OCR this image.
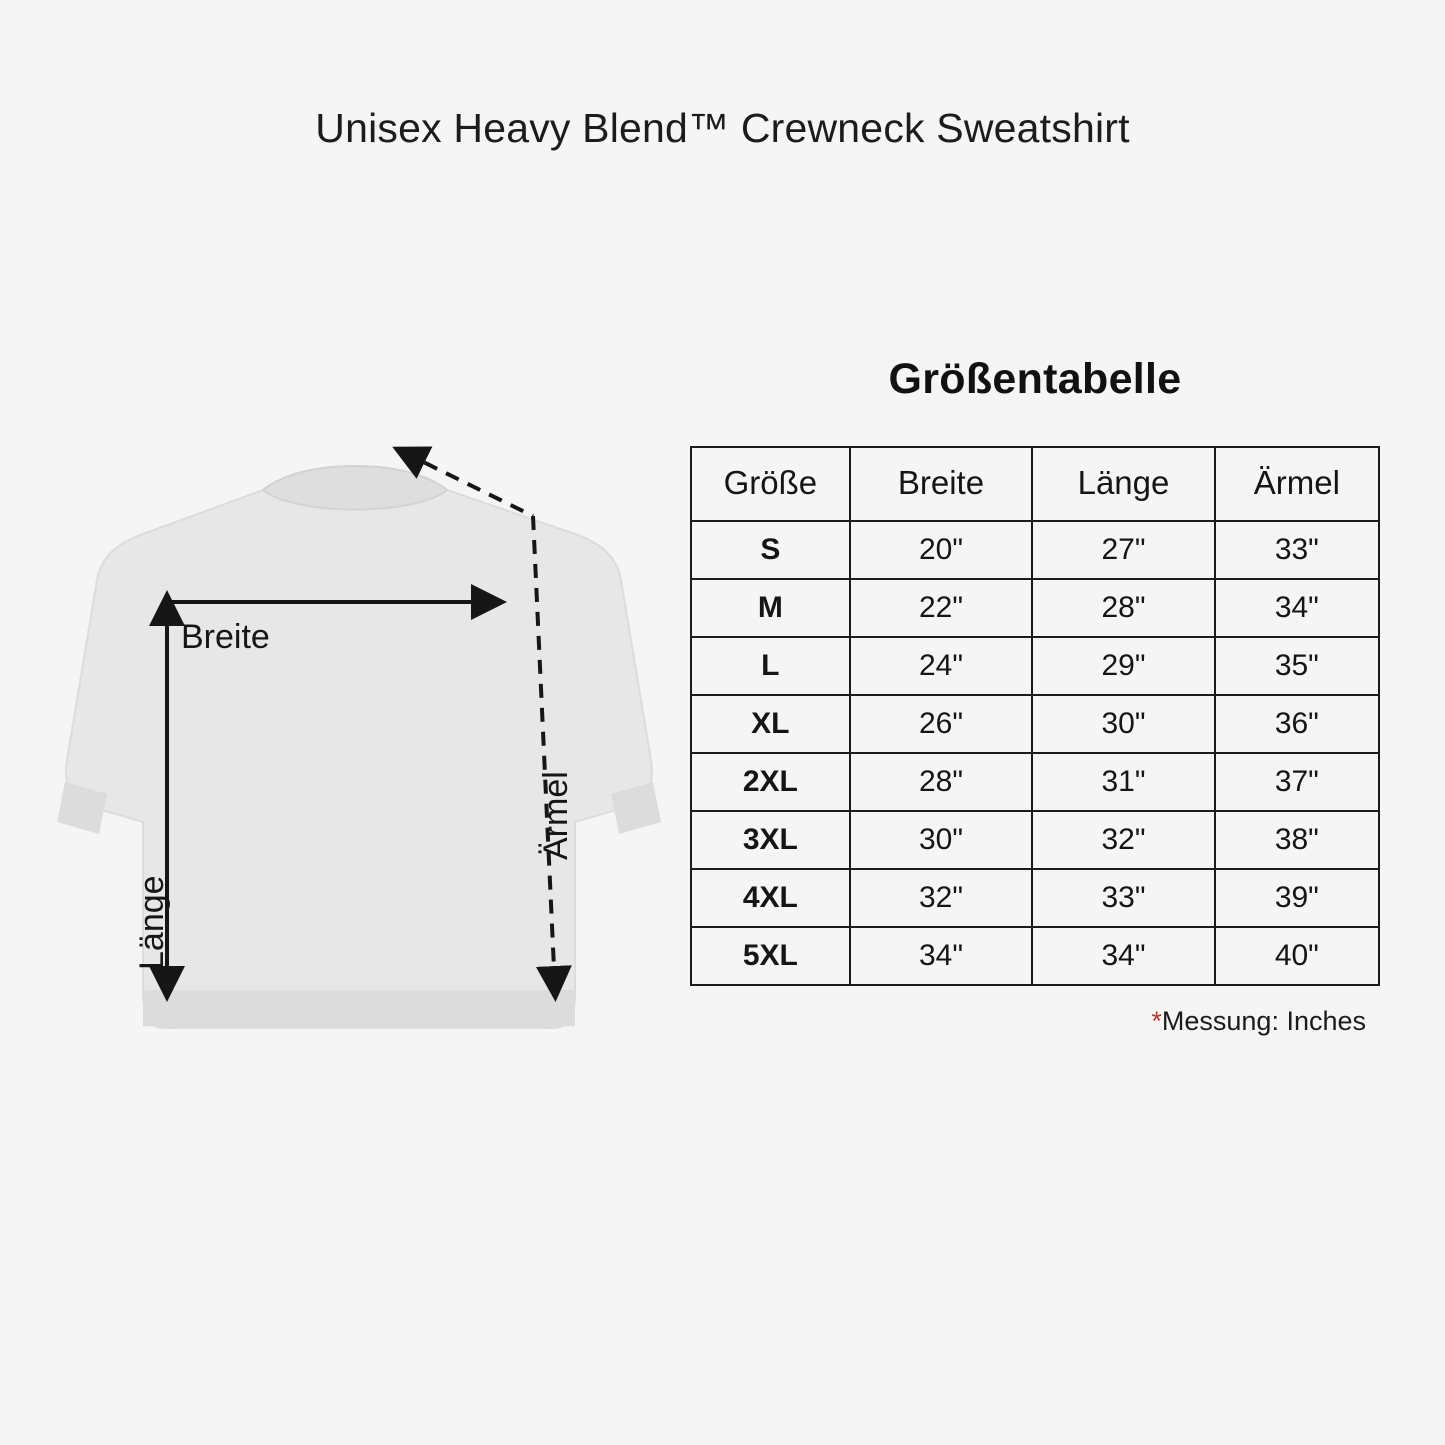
Unisex Heavy Blend™ Crewneck Sweatshirt
Breite
Länge
Ärmel
Größentabelle
Größe	Breite	Länge	Ärmel
S	20"	27"	33"
M	22"	28"	34"
L	24"	29"	35"
XL	26"	30"	36"
2XL	28"	31"	37"
3XL	30"	32"	38"
4XL	32"	33"	39"
5XL	34"	34"	40"
*Messung: Inches
